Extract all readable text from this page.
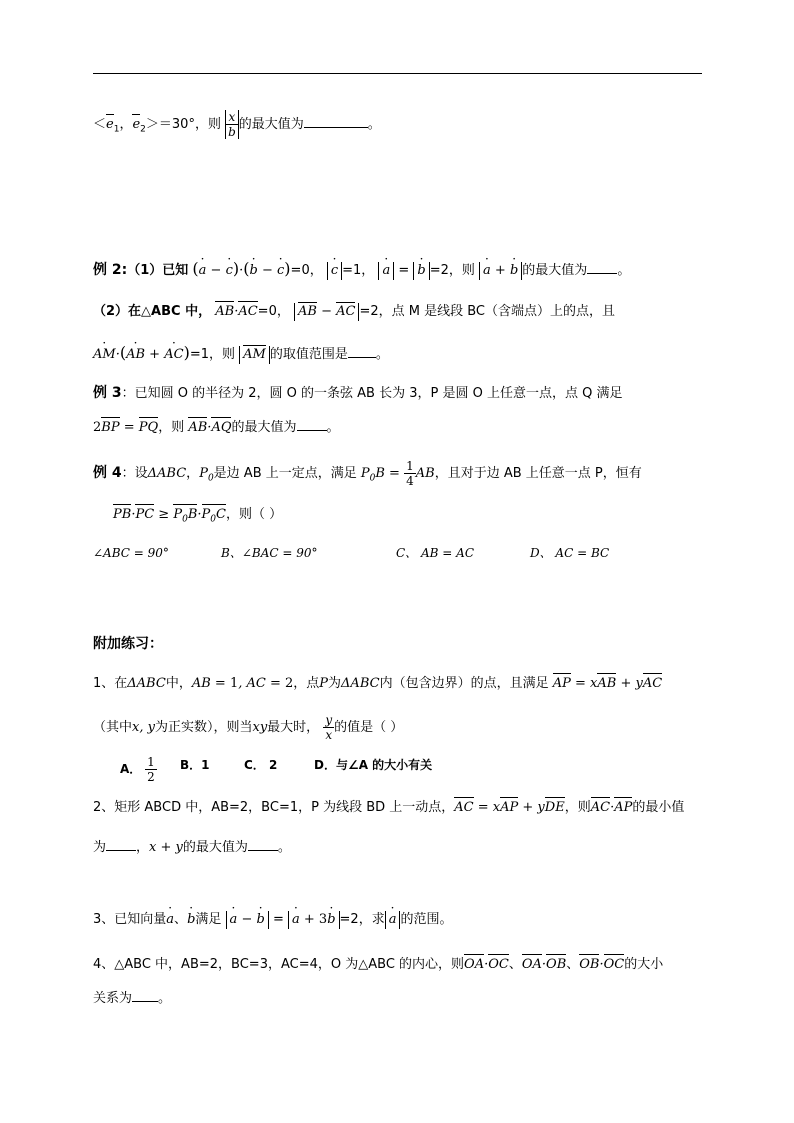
$<e_1$，$e_2>=30^\circ$，则 $\frac{x}{b}$ 的最大值为	。
例 2:（1）已知 (· a − · c)·(· b − · c)=0， · c =1， · a = · b =2，则 · a + · b 的最大值为 。
（2）在△ABC 中， AB·AC=0， AB − AC =2，点 M 是线段 BC（含端点）上的点，且
· AM·(· AB + · AC)=1，则 AM 的取值范围是 。
例 3：已知圆 O 的半径为 2，圆 O 的一条弦 AB 长为 3，P 是圆 O 上任意一点，点 Q 满足
2BP = PQ，则 AB·AQ的最大值为 。
例 4：设ΔABC，$P_0$是边 AB 上一定点，满足 $P_0B = \frac{1}{4}$ AB，且对于边 AB 上任意一点 P，恒有
$PB\cdot PC \ge P_0B\cdot P_0C$，则（ ）
∠ABC = 90°	B、∠BAC = 90°	C、 AB = AC	D、 AC = BC
附加练习：
1、在ΔABC中，AB = 1, AC = 2，点P为ΔABC内（包含边界）的点，且满足 AP = xAB + yAC
（其中x, y为正实数），则当xy最大时， $\frac{y}{x}$ 的值是（ ）
A． $\frac{1}{2}$ B．1	C． 2	D．与∠A 的大小有关
2、矩形 ABCD 中，AB=2，BC=1，P 为线段 BD 上一动点，AC = xAP + yDE，则AC·AP的最小值
为 ，x + y的最大值为 。
3、已知向量· a、· b满足 · a − · b = · a + 3· b =2，求 · a 的范围。
4、△ABC 中，AB=2，BC=3，AC=4，O 为△ABC 的内心，则OA·OC、OA·OB、OB·OC的大小
关系为 。
